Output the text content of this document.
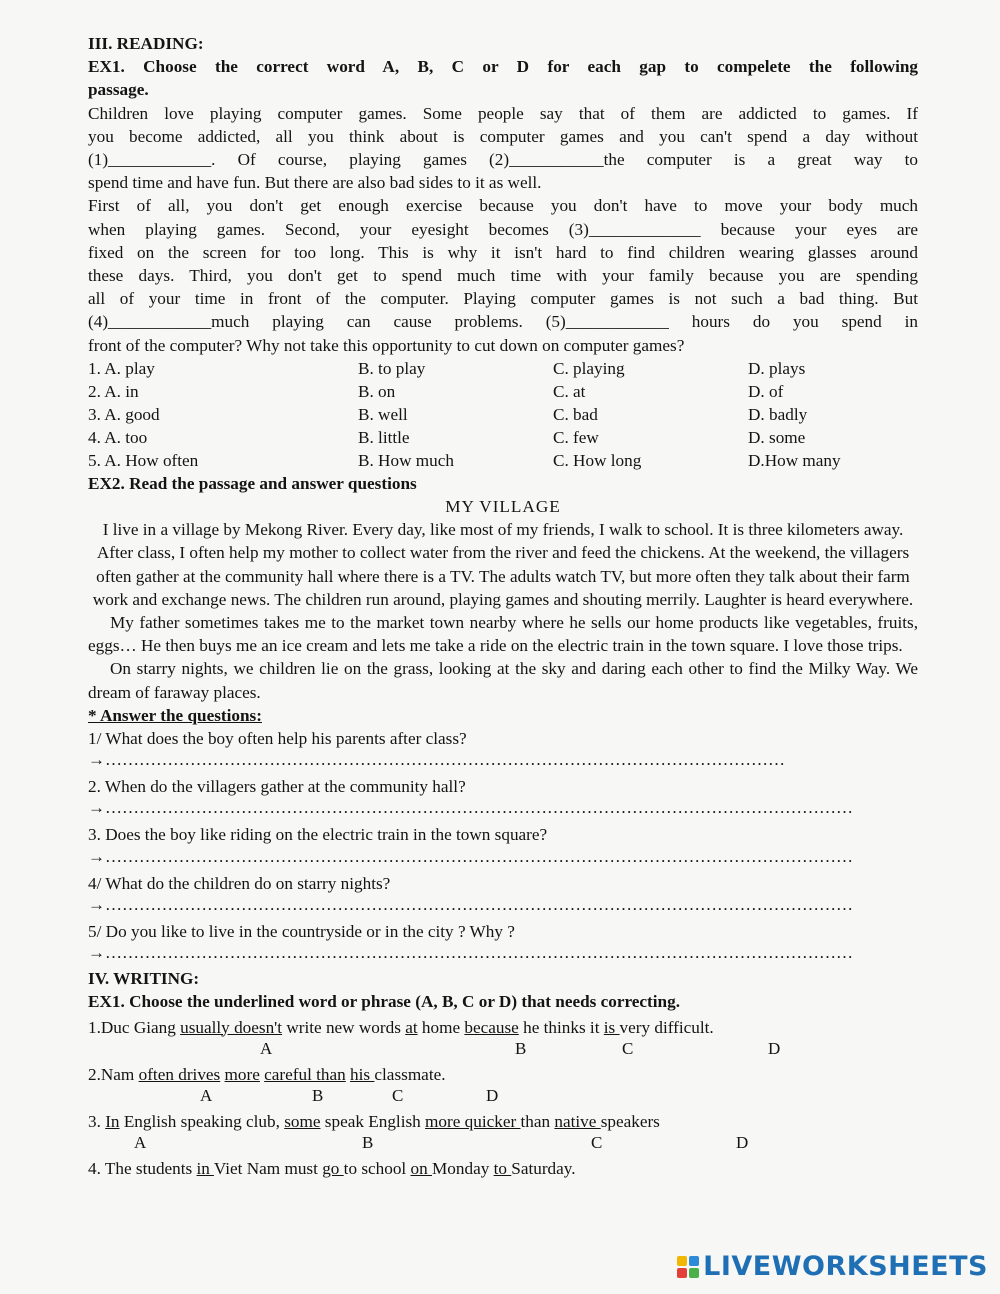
III. READING:
EX1. Choose the correct word A, B, C or D for each gap to compelete the following
passage.
Children love playing computer games. Some people say that of them are addicted to games. If
you become addicted, all you think about is computer games and you can't spend a day without
(1)____________. Of course, playing games (2)___________the computer is a great way to
spend time and have fun. But there are also bad sides to it as well.
First of all, you don't get enough exercise because you don't have to move your body much
when playing games. Second, your eyesight becomes (3)_____________ because your eyes are
fixed on the screen for too long. This is why it isn't hard to find children wearing glasses around
these days. Third, you don't get to spend much time with your family because you are spending
all of your time in front of the computer. Playing computer games is not such a bad thing. But
(4)____________much playing can cause problems. (5)____________ hours do you spend in
front of the computer? Why not take this opportunity to cut down on computer games?
1. A. play	B. to play	C. playing	D. plays
2. A. in	B. on	C. at	D. of
3. A. good	B. well	C. bad	D. badly
4. A. too	B. little	C. few	D. some
5. A. How often	B. How much	C. How long	D.How many
EX2. Read the passage and answer questions
MY VILLAGE

I live in a village by Mekong River. Every day, like most of my friends, I walk to school. It is three kilometers away. After class, I often help my mother to collect water from the river and feed the chickens. At the weekend, the villagers often gather at the community hall where there is a TV. The adults watch TV, but more often they talk about their farm work and exchange news. The children run around, playing games and shouting merrily. Laughter is heard everywhere.

My father sometimes takes me to the market town nearby where he sells our home products like vegetables, fruits, eggs… He then buys me an ice cream and lets me take a ride on the electric train in the town square. I love those trips.

On starry nights, we children lie on the grass, looking at the sky and daring each other to find the Milky Way. We dream of faraway places.

* Answer the questions:
1/ What does the boy often help his parents after class?
→…………………………………………………………………………………………………………
2. When do the villagers gather at the community hall?
→……………………………………………………………………………………………………………………
3. Does the boy like riding on the electric train in the town square?
→……………………………………………………………………………………………………………………
4/ What do the children do on starry nights?
→……………………………………………………………………………………………………………………
5/ Do you like to live in the countryside or in the city ? Why ?
→……………………………………………………………………………………………………………………
IV. WRITING:
EX1. Choose the underlined word or phrase (A, B, C or D) that needs correcting.
1.Duc Giang usually doesn't write new words at home because he thinks it is very difficult.
A	B	C	D
2.Nam often drives more careful than his classmate.
A	B	C	D
3. In English speaking club, some speak English more quicker than native speakers
A	B	C	D
4. The students in Viet Nam must go to school on Monday to Saturday.
LIVEWORKSHEETS
